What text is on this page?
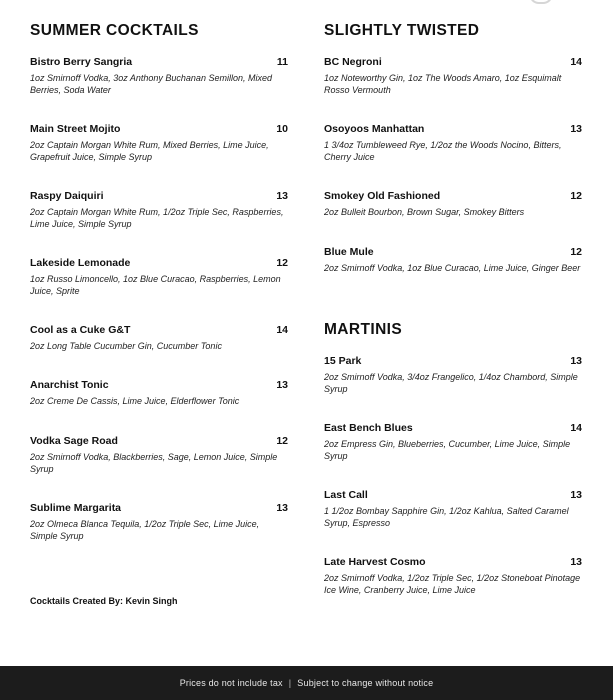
SUMMER COCKTAILS
Bistro Berry Sangria	11
1oz Smirnoff Vodka, 3oz Anthony Buchanan Semillon, Mixed Berries, Soda Water
Main Street Mojito	10
2oz Captain Morgan White Rum, Mixed Berries, Lime Juice, Grapefruit Juice, Simple Syrup
Raspy Daiquiri	13
2oz Captain Morgan White Rum, 1/2oz Triple Sec, Raspberries, Lime Juice, Simple Syrup
Lakeside Lemonade	12
1oz Russo Limoncello, 1oz Blue Curacao, Raspberries, Lemon Juice, Sprite
Cool as a Cuke G&T	14
2oz Long Table Cucumber Gin, Cucumber Tonic
Anarchist Tonic	13
2oz Creme De Cassis, Lime Juice, Elderflower Tonic
Vodka Sage Road	12
2oz Smirnoff Vodka, Blackberries, Sage, Lemon Juice, Simple Syrup
Sublime Margarita	13
2oz Olmeca Blanca Tequila, 1/2oz Triple Sec, Lime Juice, Simple Syrup
Cocktails Created By: Kevin Singh
SLIGHTLY TWISTED
BC Negroni	14
1oz Noteworthy Gin, 1oz The Woods Amaro, 1oz Esquimalt Rosso Vermouth
Osoyoos Manhattan	13
1 3/4oz Tumbleweed Rye, 1/2oz the Woods Nocino, Bitters, Cherry Juice
Smokey Old Fashioned	12
2oz Bulleit Bourbon, Brown Sugar, Smokey Bitters
Blue Mule	12
2oz Smirnoff Vodka, 1oz Blue Curacao, Lime Juice, Ginger Beer
MARTINIS
15 Park	13
2oz Smirnoff Vodka, 3/4oz Frangelico, 1/4oz Chambord, Simple Syrup
East Bench Blues	14
2oz Empress Gin, Blueberries, Cucumber, Lime Juice, Simple Syrup
Last Call	13
1 1/2oz Bombay Sapphire Gin, 1/2oz Kahlua, Salted Caramel Syrup, Espresso
Late Harvest Cosmo	13
2oz Smirnoff Vodka, 1/2oz Triple Sec, 1/2oz Stoneboat Pinotage Ice Wine, Cranberry Juice, Lime Juice
Prices do not include tax | Subject to change without notice
